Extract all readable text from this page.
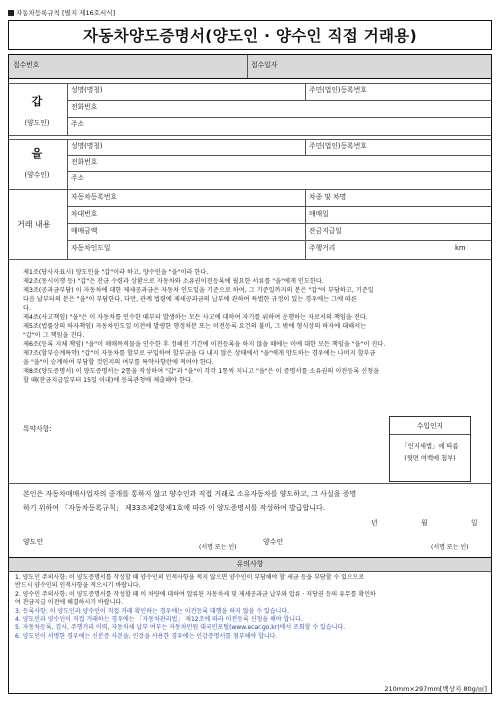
자동차등록규칙 [별지 제16호서식]
자동차양도증명서(양도인 · 양수인 직접 거래용)
접수번호	접수일자
갑
(양도인)
성명(명칭)	주민(법인)등록번호
전화번호
주소
을
(양수인)
성명(명칭)	주민(법인)등록번호
전화번호
주소
거래 내용
자동차등록번호	차종 및 차명
차대번호	매매일
매매금액	잔금지급일
자동차인도일	주행거리	km

제1조(당사자표시) 양도인을 "갑"이라 하고, 양수인을 "을"이라 한다.

제2조(동시이행 등) "갑"은 잔금 수령과 상환으로 자동차와 소유권이전등록에 필요한 서류를 "을"에게 인도한다.

제3조(공과금부담) 이 자동차에 대한 제세공과금은 자동차 인도일을 기준으로 하여, 그 기준일까지의 분은 "갑"이 부담하고, 기준일

다음 날부터의 분은 "을"이 부담한다. 다만, 관계 법령에 제세공과금의 납부에 관하여 특별한 규정이 있는 경우에는 그에 따른

다.

제4조(사고책임) "을"은 이 자동차를 인수한 때부터 발생하는 모든 사고에 대하여 자기를 위하여 운행하는 자로서의 책임을 진다.

제5조(법률상의 하자책임) 자동차인도일 이전에 발생한 행정처분 또는 이전등록 요건의 불비, 그 밖에 형식상의 하자에 대해서는

"갑"이 그 책임을 진다.

제6조(등록 지체 책임) "을"이 매매목적물을 인수한 후 정해진 기간에 이전등록을 하지 않을 때에는 이에 대한 모든 책임을 "을"이 진다.

제7조(할부승계특약) "갑"이 자동차를 할부로 구입하여 할부금을 다 내지 않은 상태에서 "을"에게 양도하는 경우에는 나머지 할부금

을 "을"이 승계하여 부담할 것인지의 여부를 특약사항란에 적어야 한다.

제8조(양도증명서) 이 양도증명서는 2통을 작성하여 "갑"과 "을"이 각각 1통씩 지니고 "을"은 이 증명서를 소유권의 이전등록 신청을

할 때(잔금지급일부터 15일 이내)에 등록관청에 제출해야 한다.

특약사항:
본인은 자동차매매사업자의 중개를 통하지 않고 양수인과 직접 거래로 소유자동차를 양도하고, 그 사실을 증명
하기 위하여 「자동차등록규칙」 제33조제2항제1호에 따라 이 양도증명서를 작성하여 발급합니다.
년	월	일
양도인
(서명 또는 인)
양수인
(서명 또는 인)
유의사항

1. 양도인 주의사항: 이 양도증명서를 작성할 때 양수인의 인적사항을 적지 않으면 양수인이 부담해야 할 세금 등을 부담할 수 있으므로

반드시 양수인의 인적사항을 적으시기 바랍니다.

2. 양수인 주의사항: 이 양도증명서를 작성할 때 이 차량에 대하여 압류된 자동차세 및 제세공과금 납부와 압류 · 저당권 등의 유무를 확인하

여 잔금지급 이전에 해결하시기 바랍니다.

3. 등록사항: 이 양도인과 양수인이 직접 거래 확인하는 경우에는 이전등록 대행을 하지 않을 수 있습니다.

4. 양도인과 양수인이 직접 거래하는 경우에는 「자동차관리법」 제12조에 따라 이전등록 신청을 해야 합니다.

5. 자동차등록, 검사, 주행거리 이력, 자동차세 납부 여부는 자동차민원 대국민포털(www.ecar.go.kr)에서 조회할 수 있습니다.

6. 양도인이 서명한 경우에는 신분증 사본을, 인장을 사용한 경우에는 인감증명서를 첨부해야 합니다.

수입인지
「인지세법」에 따름
(뒷면 여백에 첨부)
210mm×297mm[백상지 80g/㎡]
